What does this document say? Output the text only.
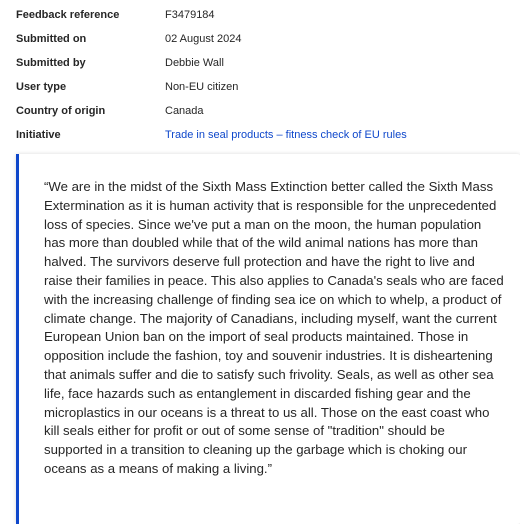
Feedback reference	F3479184
Submitted on	02 August 2024
Submitted by	Debbie Wall
User type	Non-EU citizen
Country of origin	Canada
Initiative	Trade in seal products – fitness check of EU rules

“We are in the midst of the Sixth Mass Extinction better called the Sixth Mass Extermination as it is human activity that is responsible for the unprecedented loss of species. Since we've put a man on the moon, the human population has more than doubled while that of the wild animal nations has more than halved. The survivors deserve full protection and have the right to live and raise their families in peace. This also applies to Canada's seals who are faced with the increasing challenge of finding sea ice on which to whelp, a product of climate change. The majority of Canadians, including myself, want the current European Union ban on the import of seal products maintained. Those in opposition include the fashion, toy and souvenir industries. It is disheartening that animals suffer and die to satisfy such frivolity. Seals, as well as other sea life, face hazards such as entanglement in discarded fishing gear and the microplastics in our oceans is a threat to us all. Those on the east coast who kill seals either for profit or out of some sense of "tradition" should be supported in a transition to cleaning up the garbage which is choking our oceans as a means of making a living.”
